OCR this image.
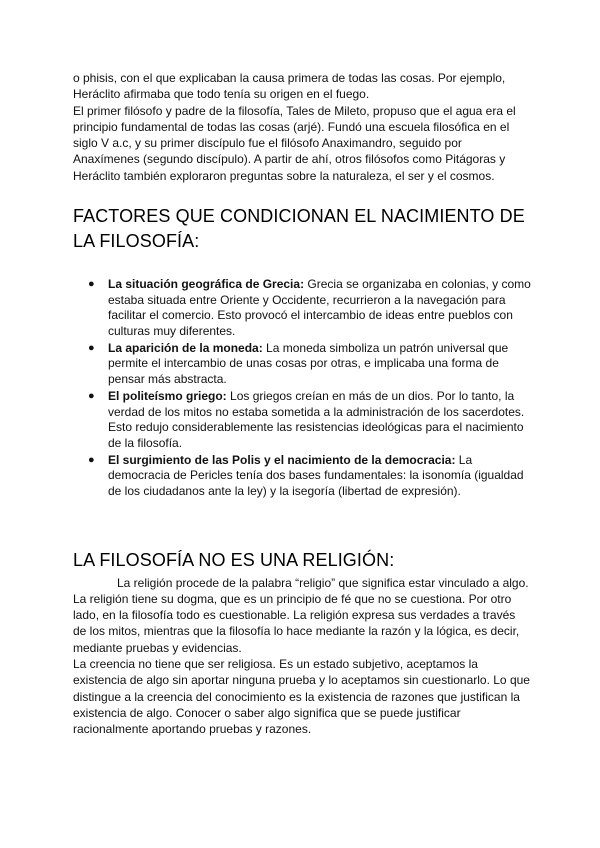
o phisis, con el que explicaban la causa primera de todas las cosas. Por ejemplo, Heráclito afirmaba que todo tenía su origen en el fuego.

El primer filósofo y padre de la filosofía, Tales de Mileto, propuso que el agua era el principio fundamental de todas las cosas (arjé). Fundó una escuela filosófica en el siglo V a.c, y su primer discípulo fue el filósofo Anaximandro, seguido por Anaxímenes (segundo discípulo). A partir de ahí, otros filósofos como Pitágoras y Heráclito también exploraron preguntas sobre la naturaleza, el ser y el cosmos.

FACTORES QUE CONDICIONAN EL NACIMIENTO DE LA FILOSOFÍA:
● La situación geográfica de Grecia: Grecia se organizaba en colonias, y como estaba situada entre Oriente y Occidente, recurrieron a la navegación para facilitar el comercio. Esto provocó el intercambio de ideas entre pueblos con culturas muy diferentes.
● La aparición de la moneda: La moneda simboliza un patrón universal que permite el intercambio de unas cosas por otras, e implicaba una forma de pensar más abstracta.
● El politeísmo griego: Los griegos creían en más de un dios. Por lo tanto, la verdad de los mitos no estaba sometida a la administración de los sacerdotes. Esto redujo considerablemente las resistencias ideológicas para el nacimiento de la filosofía.
● El surgimiento de las Polis y el nacimiento de la democracia: La democracia de Pericles tenía dos bases fundamentales: la isonomía (igualdad de los ciudadanos ante la ley) y la isegoría (libertad de expresión).
LA FILOSOFÍA NO ES UNA RELIGIÓN:

La religión procede de la palabra “religio” que significa estar vinculado a algo.

La religión tiene su dogma, que es un principio de fé que no se cuestiona. Por otro lado, en la filosofía todo es cuestionable. La religión expresa sus verdades a través de los mitos, mientras que la filosofía lo hace mediante la razón y la lógica, es decir, mediante pruebas y evidencias.

La creencia no tiene que ser religiosa. Es un estado subjetivo, aceptamos la existencia de algo sin aportar ninguna prueba y lo aceptamos sin cuestionarlo. Lo que distingue a la creencia del conocimiento es la existencia de razones que justifican la existencia de algo. Conocer o saber algo significa que se puede justificar racionalmente aportando pruebas y razones.
